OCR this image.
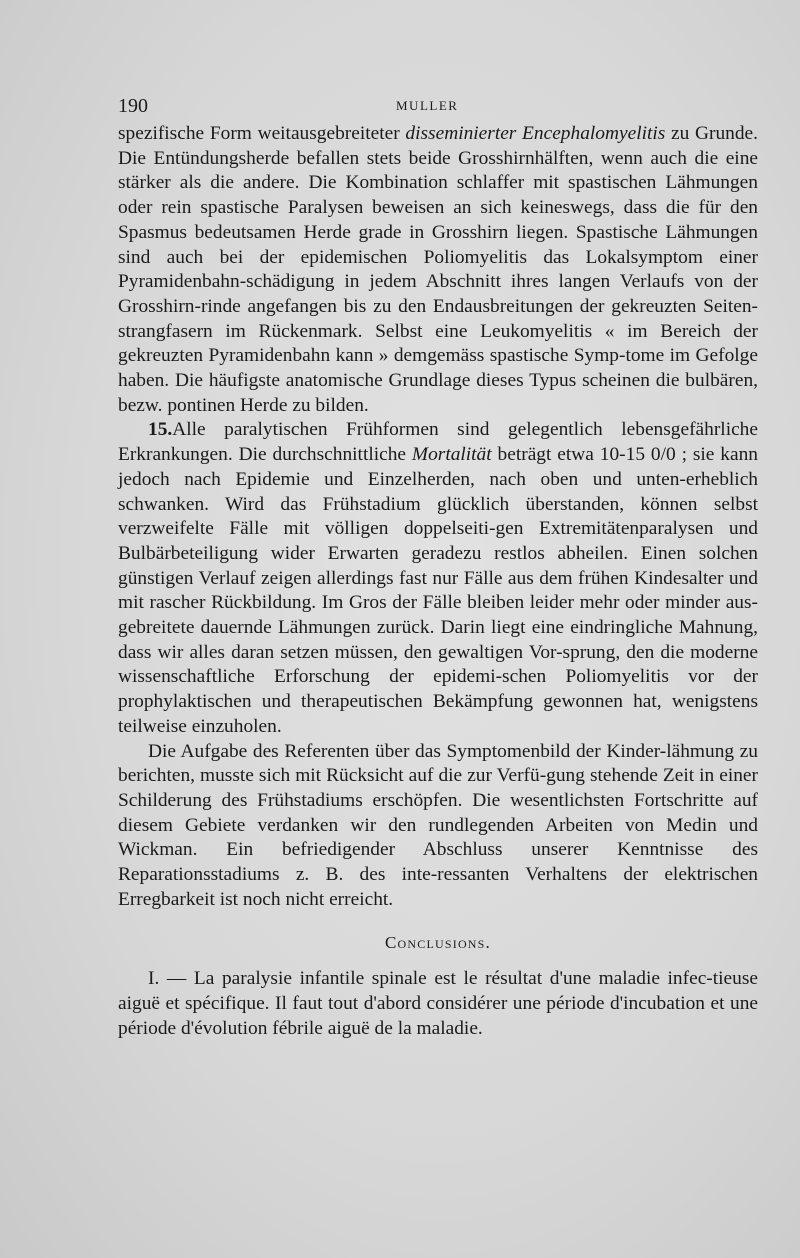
190	MULLER

spezifische Form weitausgebreiteter disseminierter Encephalomyelitis zu Grunde. Die Entündungsherde befallen stets beide Grosshirnhälften, wenn auch die eine stärker als die andere. Die Kombination schlaffer mit spastischen Lähmungen oder rein spastische Paralysen beweisen an sich keineswegs, dass die für den Spasmus bedeutsamen Herde grade in Grosshirn liegen. Spastische Lähmungen sind auch bei der epidemischen Poliomyelitis das Lokalsymptom einer Pyramidenbahn-schädigung in jedem Abschnitt ihres langen Verlaufs von der Grosshirn-rinde angefangen bis zu den Endausbreitungen der gekreuzten Seiten-strangfasern im Rückenmark. Selbst eine Leukomyelitis « im Bereich der gekreuzten Pyramidenbahn kann » demgemäss spastische Symp-tome im Gefolge haben. Die häufigste anatomische Grundlage dieses Typus scheinen die bulbären, bezw. pontinen Herde zu bilden.

15.Alle paralytischen Frühformen sind gelegentlich lebensgefährliche Erkrankungen. Die durchschnittliche Mortalität beträgt etwa 10-15 0/0 ; sie kann jedoch nach Epidemie und Einzelherden, nach oben und unten-erheblich schwanken. Wird das Frühstadium glücklich überstanden, können selbst verzweifelte Fälle mit völligen doppelseiti-gen Extremitätenparalysen und Bulbärbeteiligung wider Erwarten geradezu restlos abheilen. Einen solchen günstigen Verlauf zeigen allerdings fast nur Fälle aus dem frühen Kindesalter und mit rascher Rückbildung. Im Gros der Fälle bleiben leider mehr oder minder aus-gebreitete dauernde Lähmungen zurück. Darin liegt eine eindringliche Mahnung, dass wir alles daran setzen müssen, den gewaltigen Vor-sprung, den die moderne wissenschaftliche Erforschung der epidemi-schen Poliomyelitis vor der prophylaktischen und therapeutischen Bekämpfung gewonnen hat, wenigstens teilweise einzuholen.

Die Aufgabe des Referenten über das Symptomenbild der Kinder-lähmung zu berichten, musste sich mit Rücksicht auf die zur Verfü-gung stehende Zeit in einer Schilderung des Frühstadiums erschöpfen. Die wesentlichsten Fortschritte auf diesem Gebiete verdanken wir den rundlegenden Arbeiten von Medin und Wickman. Ein befriedigender Abschluss unserer Kenntnisse des Reparationsstadiums z. B. des inte-ressanten Verhaltens der elektrischen Erregbarkeit ist noch nicht erreicht.

Conclusions.

I. — La paralysie infantile spinale est le résultat d'une maladie infec-tieuse aiguë et spécifique. Il faut tout d'abord considérer une période d'incubation et une période d'évolution fébrile aiguë de la maladie.
